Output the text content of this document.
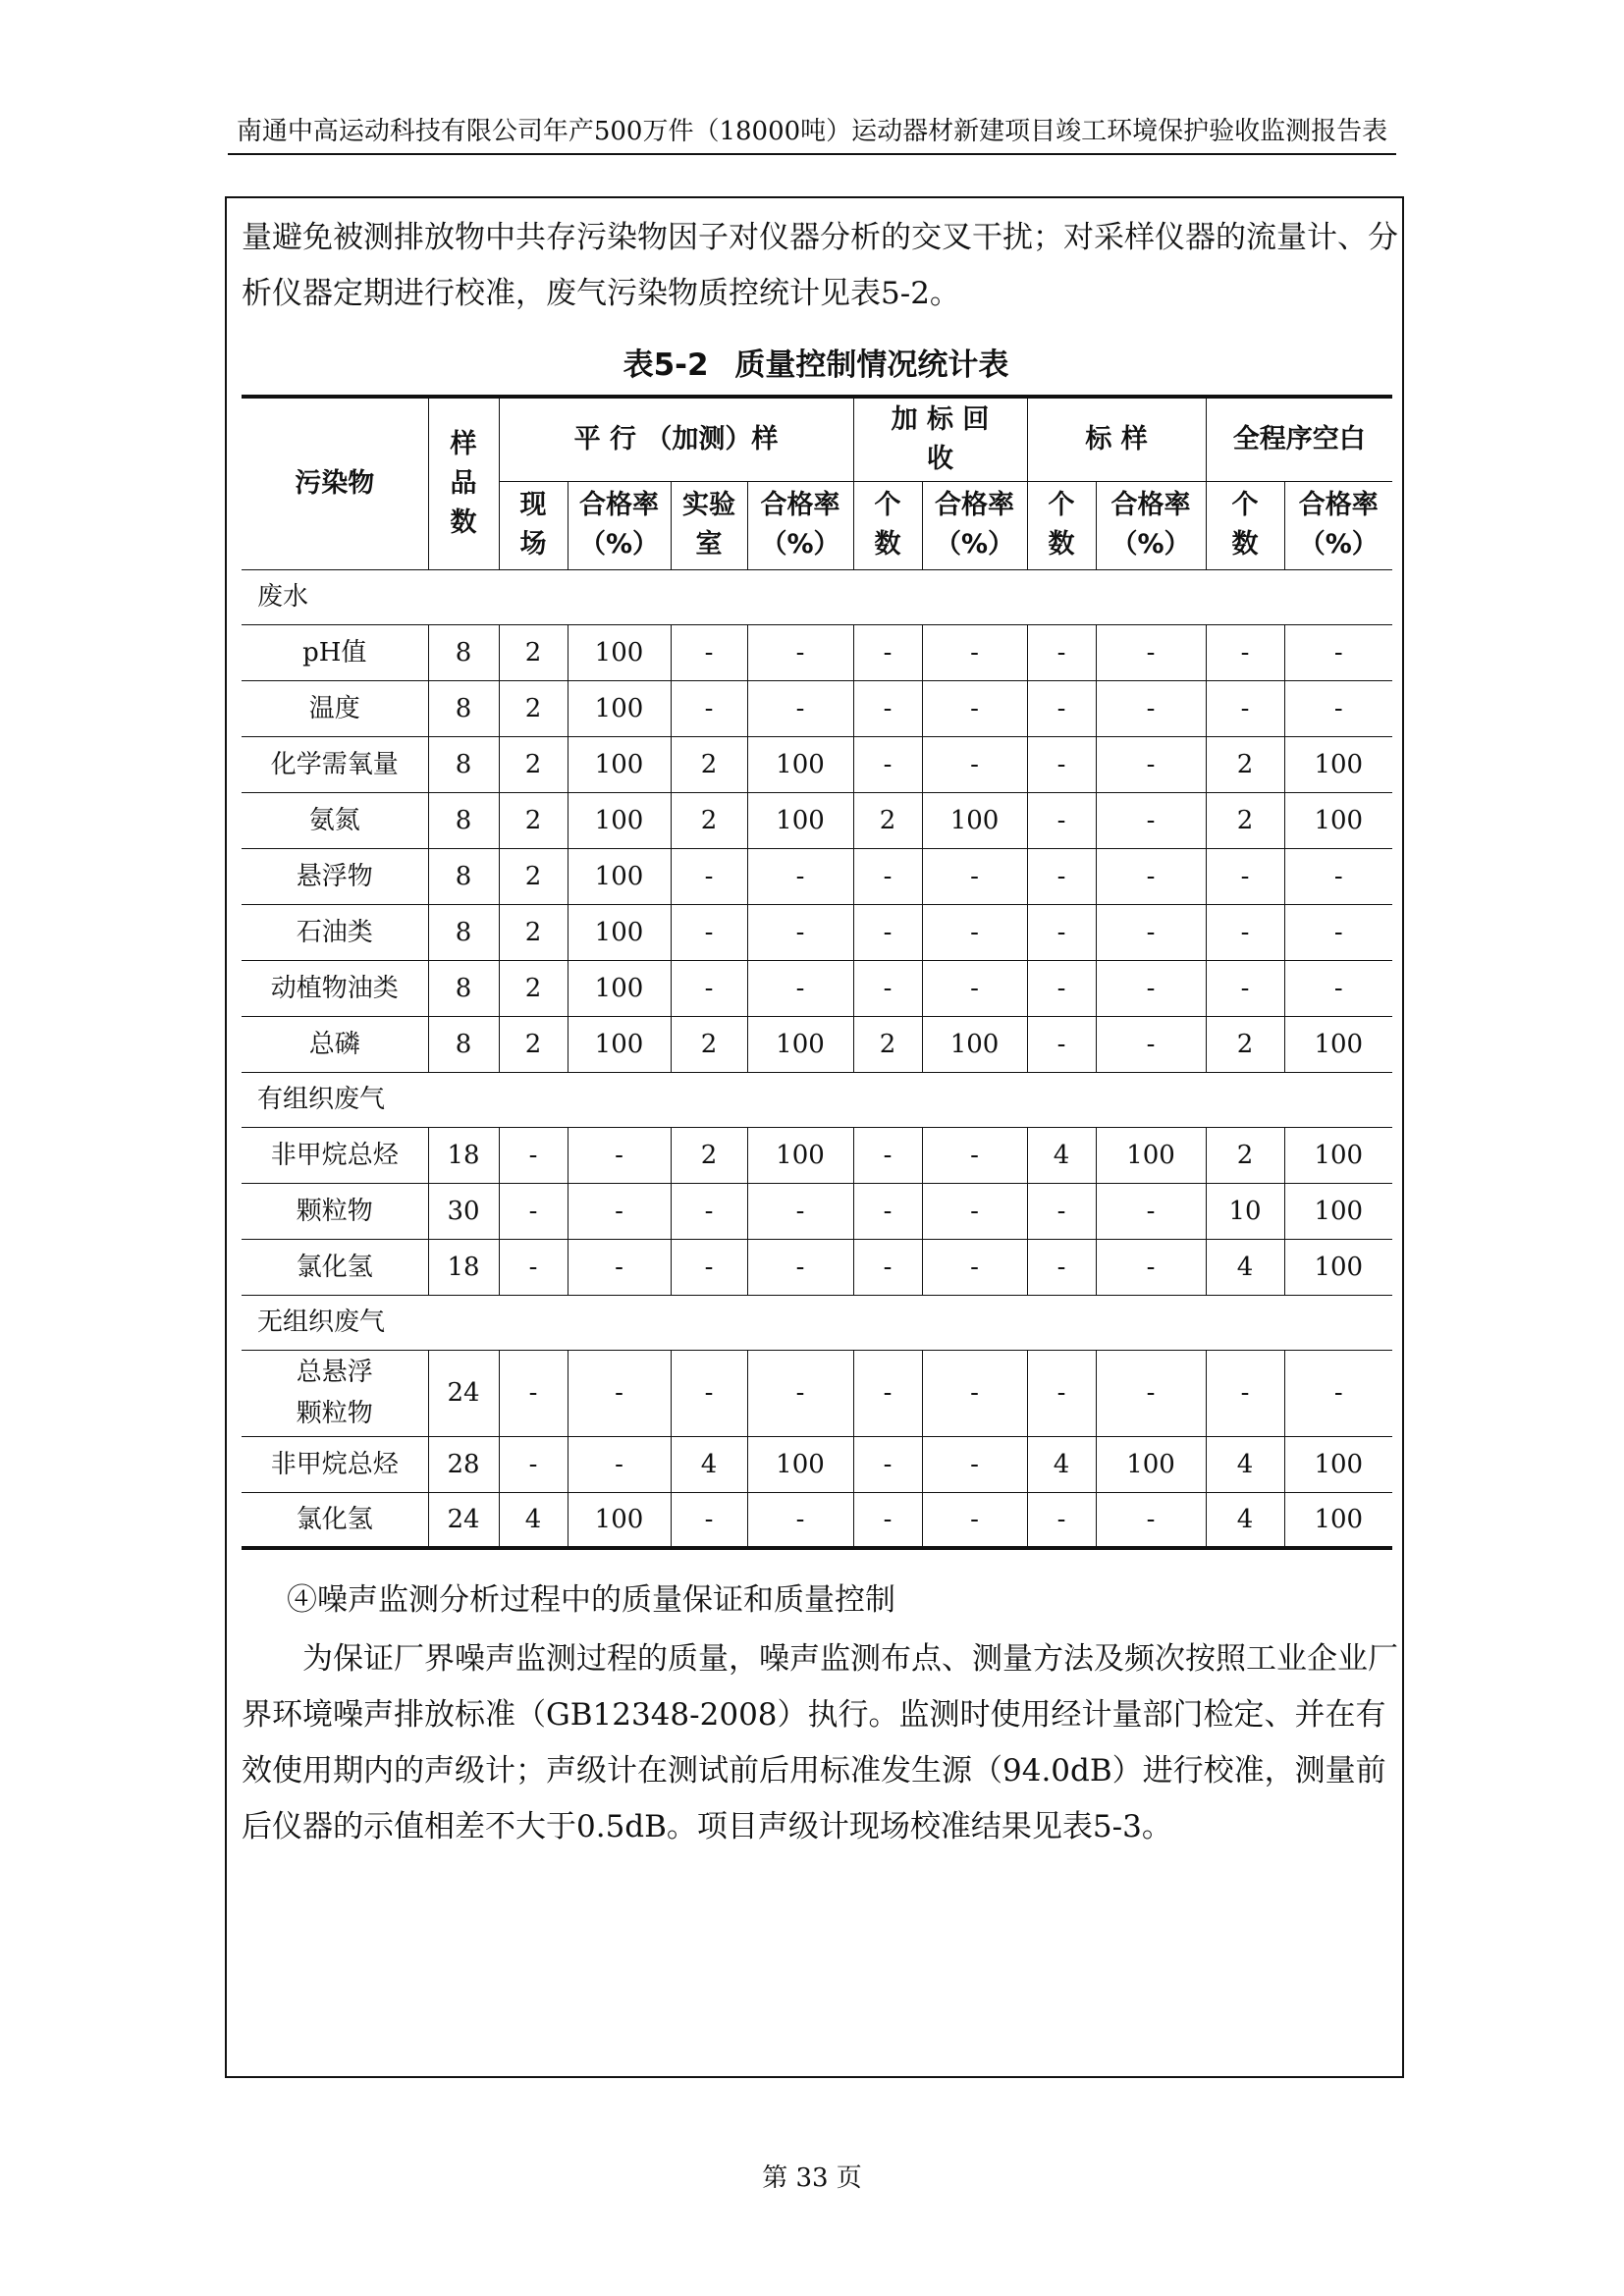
南通中高运动科技有限公司年产500万件（18000吨）运动器材新建项目竣工环境保护验收监测报告表

量避免被测排放物中共存污染物因子对仪器分析的交叉干扰；对采样仪器的流量计、分析仪器定期进行校准，废气污染物质控统计见表5-2。

表5-2 质量控制情况统计表
污染物	样品数	平 行 （加测）样				加 标 回 收		标 样		全程序空白	
		现场	合格率（%）	实验室	合格率（%）	个数	合格率（%）	个数	合格率（%）	个数	合格率（%）
废水											
pH值	8	2	100	-	-	-	-	-	-	-	-
温度	8	2	100	-	-	-	-	-	-	-	-
化学需氧量	8	2	100	2	100	-	-	-	-	2	100
氨氮	8	2	100	2	100	2	100	-	-	2	100
悬浮物	8	2	100	-	-	-	-	-	-	-	-
石油类	8	2	100	-	-	-	-	-	-	-	-
动植物油类	8	2	100	-	-	-	-	-	-	-	-
总磷	8	2	100	2	100	2	100	-	-	2	100
有组织废气											
非甲烷总烃	18	-	-	2	100	-	-	4	100	2	100
颗粒物	30	-	-	-	-	-	-	-	-	10	100
氯化氢	18	-	-	-	-	-	-	-	-	4	100
无组织废气											
总悬浮颗粒物	24	-	-	-	-	-	-	-	-	-	-
非甲烷总烃	28	-	-	4	100	-	-	4	100	4	100
氯化氢	24	4	100	-	-	-	-	-	-	4	100

④噪声监测分析过程中的质量保证和质量控制

为保证厂界噪声监测过程的质量，噪声监测布点、测量方法及频次按照工业企业厂界环境噪声排放标准（GB12348-2008）执行。监测时使用经计量部门检定、并在有效使用期内的声级计；声级计在测试前后用标准发生源（94.0dB）进行校准，测量前后仪器的示值相差不大于0.5dB。项目声级计现场校准结果见表5-3。

第 33 页
